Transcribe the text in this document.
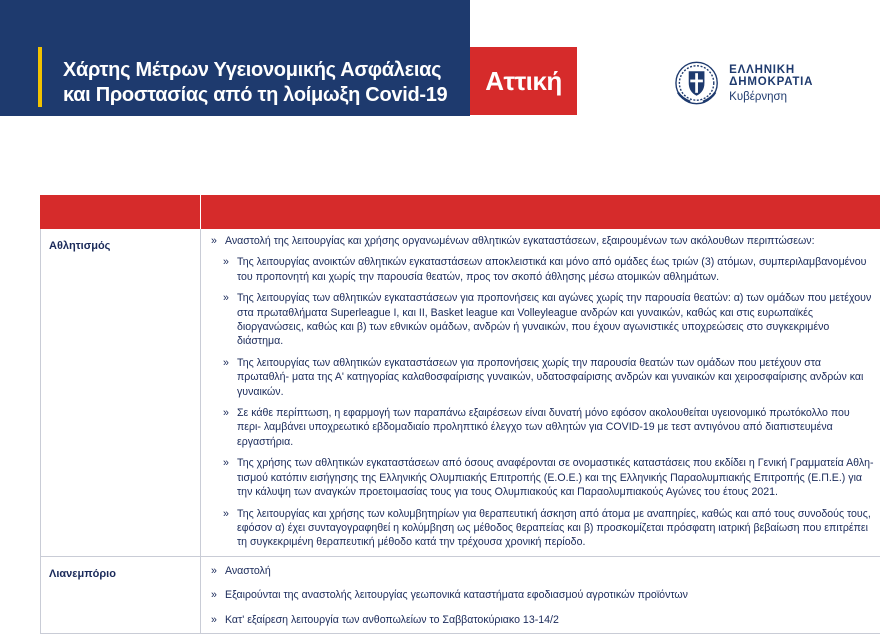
Χάρτης Μέτρων Υγειονομικής Ασφάλειας
και Προστασίας από τη λοίμωξη Covid-19 Αττική	ΕΛΛΗΝΙΚΗ ΔΗΜΟΚΡΑΤΙΑ
Κυβέρνηση
Αθλητισμός	» Αναστολή της λειτουργίας και χρήσης οργανωμένων αθλητικών εγκαταστάσεων, εξαιρουμένων των ακόλουθων περιπτώσεων:
» Της λειτουργίας ανοικτών αθλητικών εγκαταστάσεων αποκλειστικά και μόνο από ομάδες έως τριών (3) ατόμων, συμπεριλαμβανομένου του προπονητή και χωρίς την παρουσία θεατών, προς τον σκοπό άθλησης μέσω ατομικών αθλημάτων.
» Της λειτουργίας των αθλητικών εγκαταστάσεων για προπονήσεις και αγώνες χωρίς την παρουσία θεατών: α) των ομάδων που μετέχουν στα πρωταθλήματα Superleague I, και II, Basket league και Volleyleague ανδρών και γυναικών, καθώς και στις ευρωπαϊκές διοργανώσεις, καθώς και β) των εθνικών ομάδων, ανδρών ή γυναικών, που έχουν αγωνιστικές υποχρεώσεις στο συγκεκριμένο διάστημα.
» Της λειτουργίας των αθλητικών εγκαταστάσεων για προπονήσεις χωρίς την παρουσία θεατών των ομάδων που μετέχουν στα πρωταθλή- ματα της Α' κατηγορίας καλαθοσφαίρισης γυναικών, υδατοσφαίρισης ανδρών και γυναικών και χειροσφαίρισης ανδρών και γυναικών.
» Σε κάθε περίπτωση, η εφαρμογή των παραπάνω εξαιρέσεων είναι δυνατή μόνο εφόσον ακολουθείται υγειονομικό πρωτόκολλο που περι- λαμβάνει υποχρεωτικό εβδομαδιαίο προληπτικό έλεγχο των αθλητών για COVID-19 με τεστ αντιγόνου από διαπιστευμένα εργαστήρια.
» Της χρήσης των αθλητικών εγκαταστάσεων από όσους αναφέρονται σε ονομαστικές καταστάσεις που εκδίδει η Γενική Γραμματεία Αθλη- τισμού κατόπιν εισήγησης της Ελληνικής Ολυμπιακής Επιτροπής (Ε.Ο.Ε.) και της Ελληνικής Παραολυμπιακής Επιτροπής (Ε.Π.Ε.) για την κάλυψη των αναγκών προετοιμασίας τους για τους Ολυμπιακούς και Παραολυμπιακούς Αγώνες του έτους 2021.
» Της λειτουργίας και χρήσης των κολυμβητηρίων για θεραπευτική άσκηση από άτομα με αναπηρίες, καθώς και από τους συνοδούς τους, εφόσον α) έχει συνταγογραφηθεί η κολύμβηση ως μέθοδος θεραπείας και β) προσκομίζεται πρόσφατη ιατρική βεβαίωση που επιτρέπει τη συγκεκριμένη θεραπευτική μέθοδο κατά την τρέχουσα χρονική περίοδο.
Λιανεμπόριο	» Αναστολή
» Εξαιρούνται της αναστολής λειτουργίας γεωπονικά καταστήματα εφοδιασμού αγροτικών προϊόντων
» Κατ' εξαίρεση λειτουργία των ανθοπωλείων το Σαββατοκύριακο 13-14/2
